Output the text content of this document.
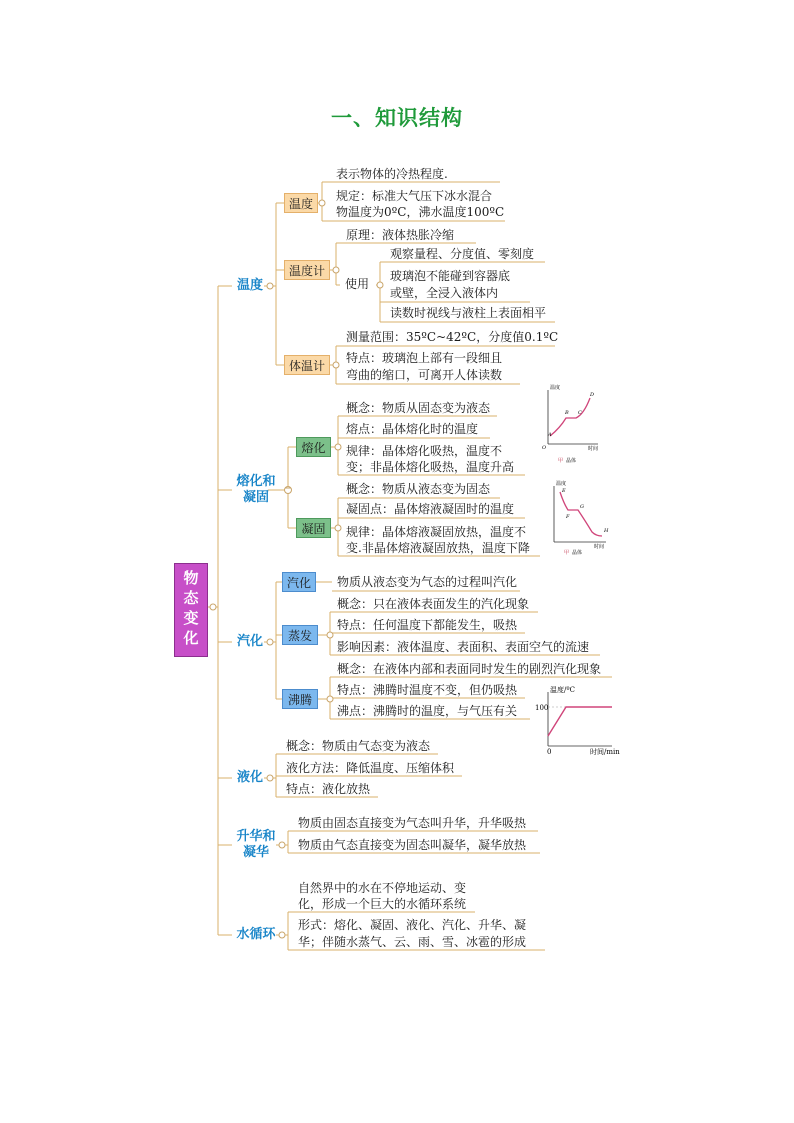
一、知识结构
物
态
变
化
温度
熔化和
凝固
汽化
液化
升华和
凝华
水循环
温度
温度计
体温计
使用
熔化
凝固
汽化
蒸发
沸腾
表示物体的冷热程度.
规定：标准大气压下冰水混合
物温度为0ºC，沸水温度100ºC
原理：液体热胀冷缩
观察量程、分度值、零刻度
玻璃泡不能碰到容器底
或壁，全浸入液体内
读数时视线与液柱上表面相平
测量范围：35ºC~42ºC，分度值0.1ºC
特点：玻璃泡上部有一段细且
弯曲的缩口，可离开人体读数
概念：物质从固态变为液态
熔点：晶体熔化时的温度
规律：晶体熔化吸热，温度不
变；非晶体熔化吸热，温度升高
概念：物质从液态变为固态
凝固点：晶体熔液凝固时的温度
规律：晶体熔液凝固放热，温度不
变.非晶体熔液凝固放热，温度下降
物质从液态变为气态的过程叫汽化
概念：只在液体表面发生的汽化现象
特点：任何温度下都能发生，吸热
影响因素：液体温度、表面积、表面空气的流速
概念：在液体内部和表面同时发生的剧烈汽化现象
特点：沸腾时温度不变，但仍吸热
沸点：沸腾时的温度，与气压有关
概念：物质由气态变为液态
液化方法：降低温度、压缩体积
特点：液化放热
物质由固态直接变为气态叫升华，升华吸热
物质由气态直接变为固态叫凝华，凝华放热
自然界中的水在不停地运动、变
化，形成一个巨大的水循环系统
形式：熔化、凝固、液化、汽化、升华、凝
华；伴随水蒸气、云、雨、雪、冰雹的形成
温度
时间
O
A
B C
D
甲 晶体
温度
时间
E
F
G
H
甲 晶体
温度/ºC
100
0	时间/min
